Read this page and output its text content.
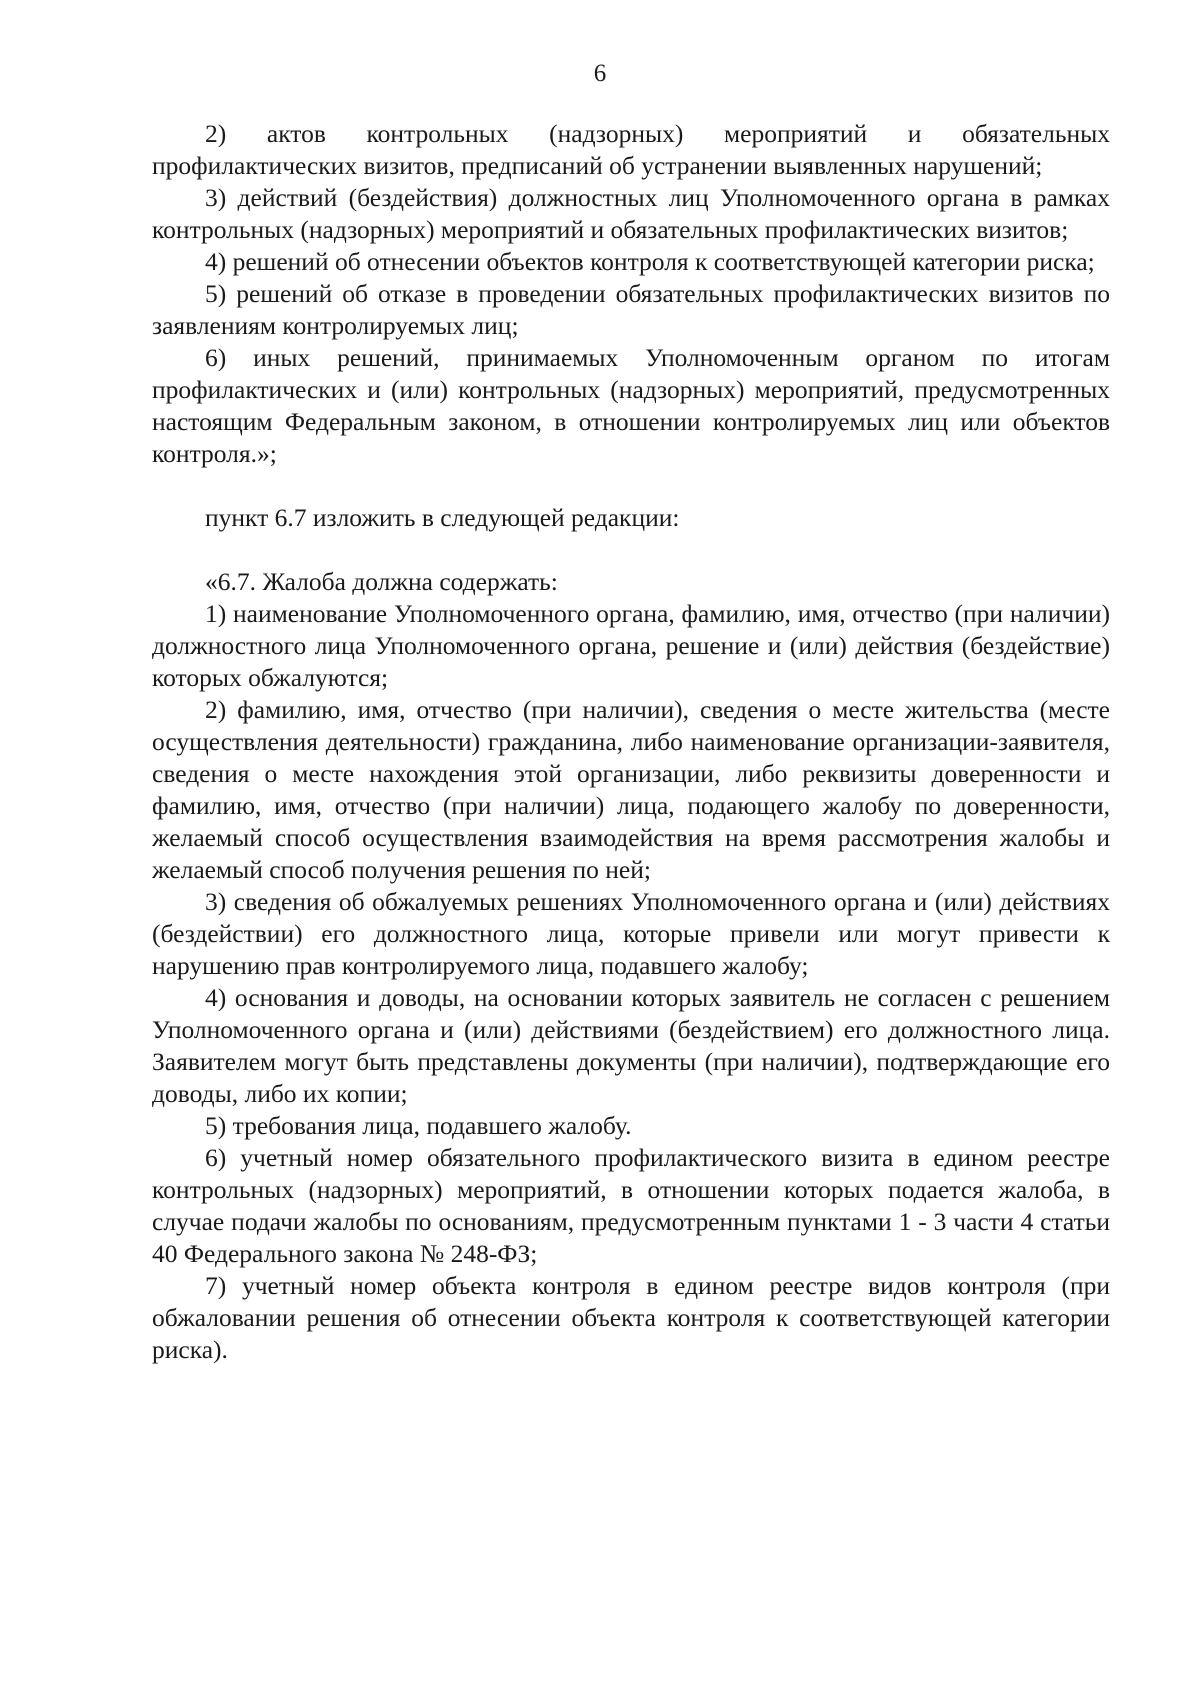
6

2) актов контрольных (надзорных) мероприятий и обязательных профилактических визитов, предписаний об устранении выявленных нарушений;

3) действий (бездействия) должностных лиц Уполномоченного органа в рамках контрольных (надзорных) мероприятий и обязательных профилактических визитов;

4) решений об отнесении объектов контроля к соответствующей категории риска;

5) решений об отказе в проведении обязательных профилактических визитов по заявлениям контролируемых лиц;

6) иных решений, принимаемых Уполномоченным органом по итогам профилактических и (или) контрольных (надзорных) мероприятий, предусмотренных настоящим Федеральным законом, в отношении контролируемых лиц или объектов контроля.»;

пункт 6.7 изложить в следующей редакции:

«6.7. Жалоба должна содержать:

1) наименование Уполномоченного органа, фамилию, имя, отчество (при наличии) должностного лица Уполномоченного органа, решение и (или) действия (бездействие) которых обжалуются;

2) фамилию, имя, отчество (при наличии), сведения о месте жительства (месте осуществления деятельности) гражданина, либо наименование организации-заявителя, сведения о месте нахождения этой организации, либо реквизиты доверенности и фамилию, имя, отчество (при наличии) лица, подающего жалобу по доверенности, желаемый способ осуществления взаимодействия на время рассмотрения жалобы и желаемый способ получения решения по ней;

3) сведения об обжалуемых решениях Уполномоченного органа и (или) действиях (бездействии) его должностного лица, которые привели или могут привести к нарушению прав контролируемого лица, подавшего жалобу;

4) основания и доводы, на основании которых заявитель не согласен с решением Уполномоченного органа и (или) действиями (бездействием) его должностного лица. Заявителем могут быть представлены документы (при наличии), подтверждающие его доводы, либо их копии;

5) требования лица, подавшего жалобу.

6) учетный номер обязательного профилактического визита в едином реестре контрольных (надзорных) мероприятий, в отношении которых подается жалоба, в случае подачи жалобы по основаниям, предусмотренным пунктами 1 - 3 части 4 статьи 40 Федерального закона № 248-ФЗ;

7) учетный номер объекта контроля в едином реестре видов контроля (при обжаловании решения об отнесении объекта контроля к соответствующей категории риска).
